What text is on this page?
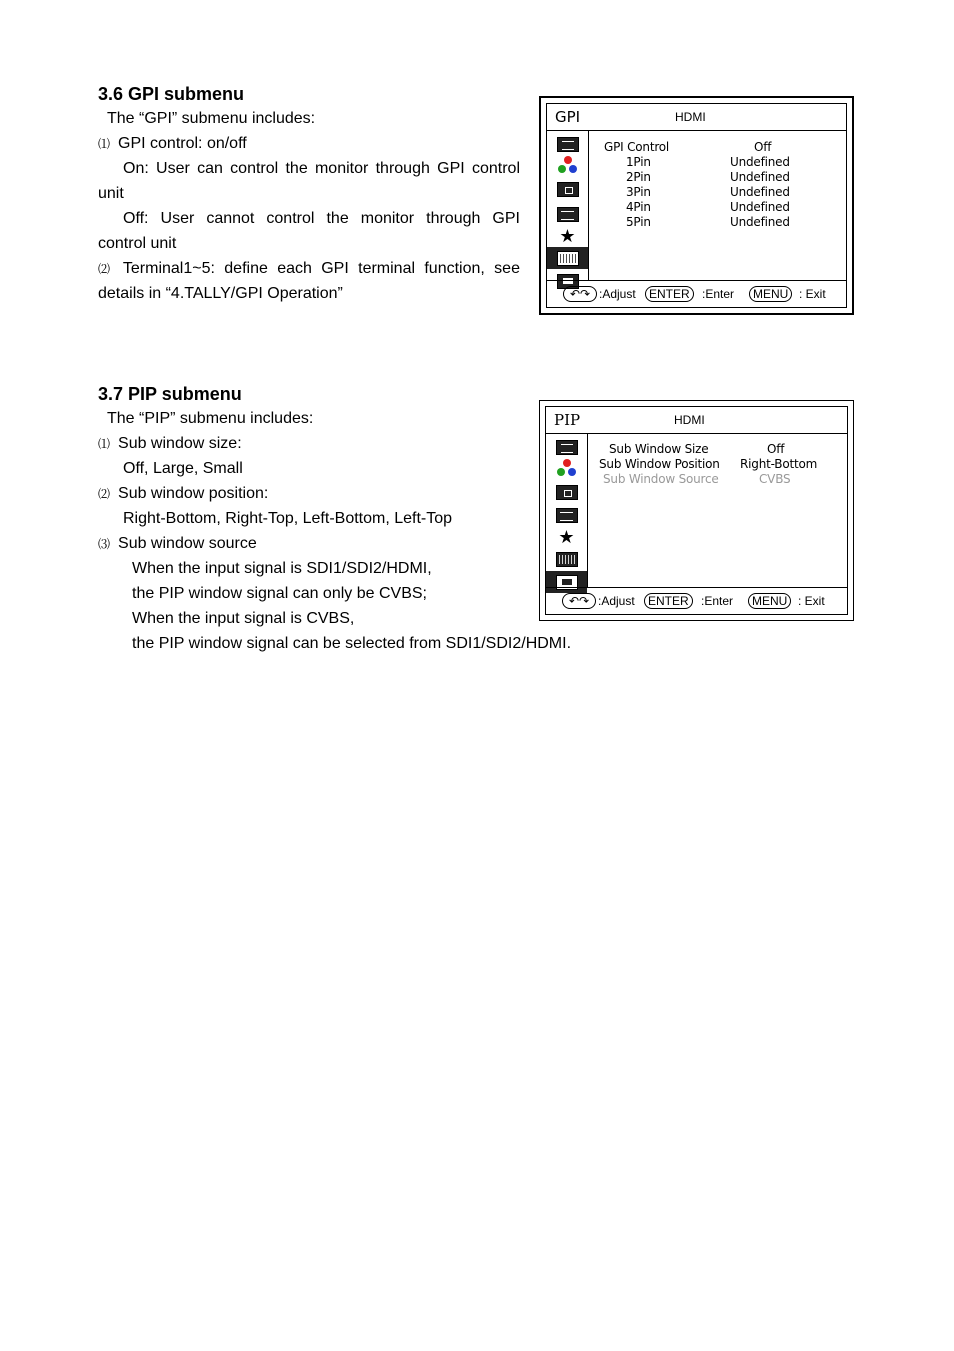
3.6 GPI submenu
The “GPI” submenu includes:
⑴ GPI control: on/off
On: User can control the monitor through GPI control
unit
Off:  User  cannot  control  the  monitor  through  GPI
control unit
⑵ Terminal1~5: define each GPI terminal function, see
details in “4.TALLY/GPI Operation”
GPI	HDMI
★
GPI Control	Off
1Pin	Undefined
2Pin	Undefined
3Pin	Undefined
4Pin	Undefined
5Pin	Undefined
↶↷ :Adjust	ENTER	:Enter	MENU : Exit
3.7 PIP submenu
The “PIP” submenu includes:
⑴ Sub window size:
Off, Large, Small
⑵ Sub window position:
Right-Bottom, Right-Top, Left-Bottom, Left-Top
⑶ Sub window source
When the input signal is SDI1/SDI2/HDMI,
the PIP window signal can only be CVBS;
When the input signal is CVBS,
the PIP window signal can be selected from SDI1/SDI2/HDMI.
PIP	HDMI
★
Sub Window Size	Off
Sub Window Position Right-Bottom
Sub Window Source	CVBS
↶↷ :Adjust	ENTER	:Enter	MENU : Exit
